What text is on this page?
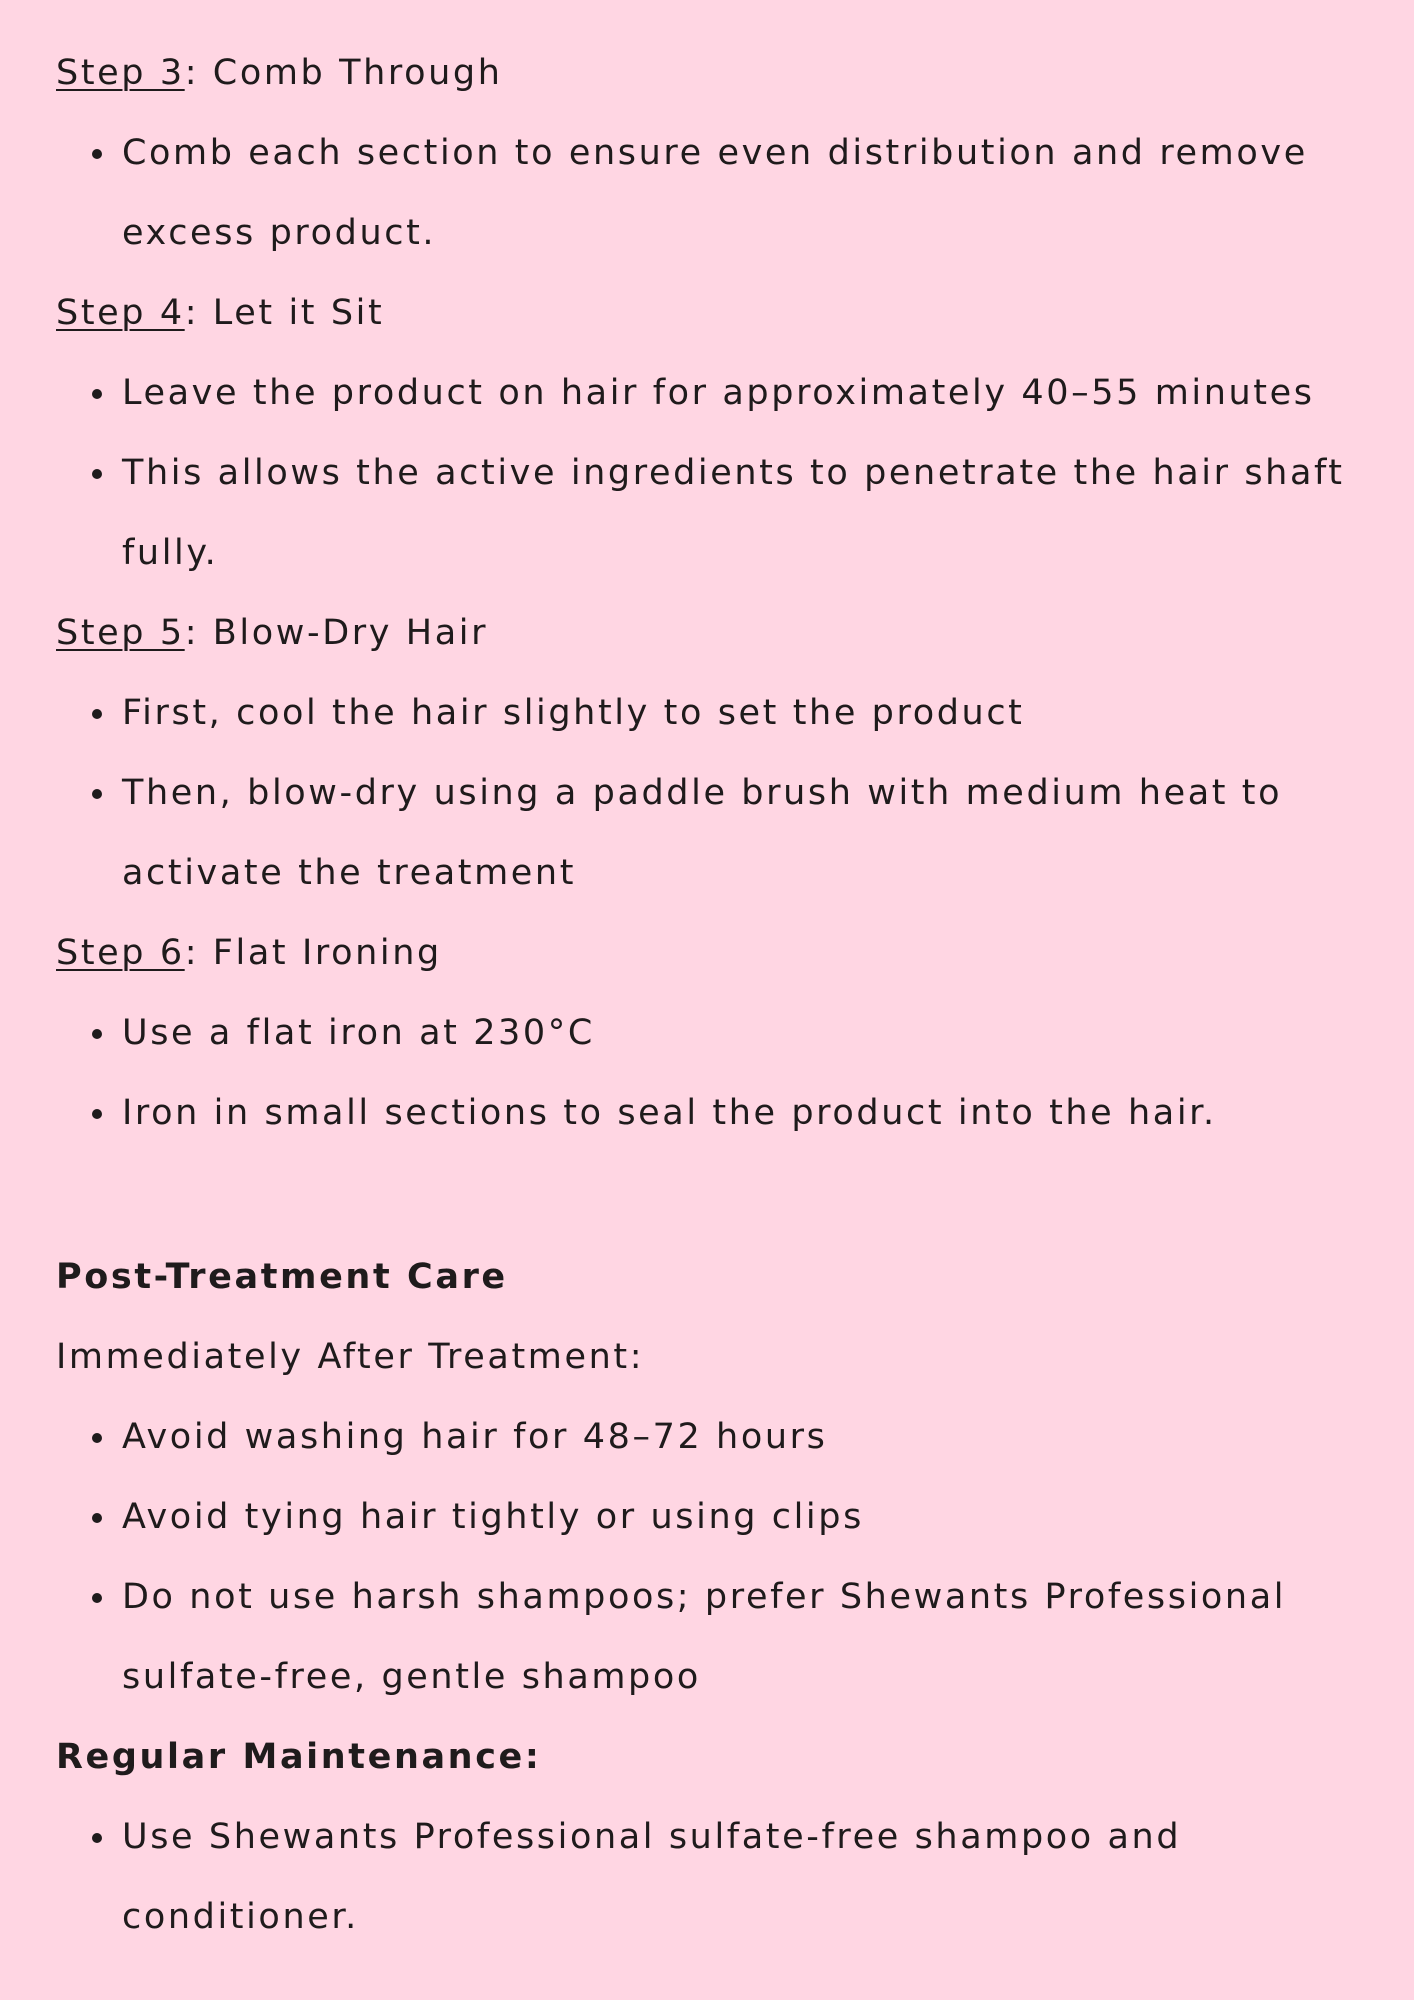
Step 3: Comb Through
Comb each section to ensure even distribution and remove
excess product.
Step 4: Let it Sit
Leave the product on hair for approximately 40–55 minutes
This allows the active ingredients to penetrate the hair shaft
fully.
Step 5: Blow-Dry Hair
First, cool the hair slightly to set the product
Then, blow-dry using a paddle brush with medium heat to
activate the treatment
Step 6: Flat Ironing
Use a flat iron at 230°C
Iron in small sections to seal the product into the hair.
Post-Treatment Care
Immediately After Treatment:
Avoid washing hair for 48–72 hours
Avoid tying hair tightly or using clips
Do not use harsh shampoos; prefer Shewants Professional
sulfate-free, gentle shampoo
Regular Maintenance:
Use Shewants Professional sulfate-free shampoo and
conditioner.
